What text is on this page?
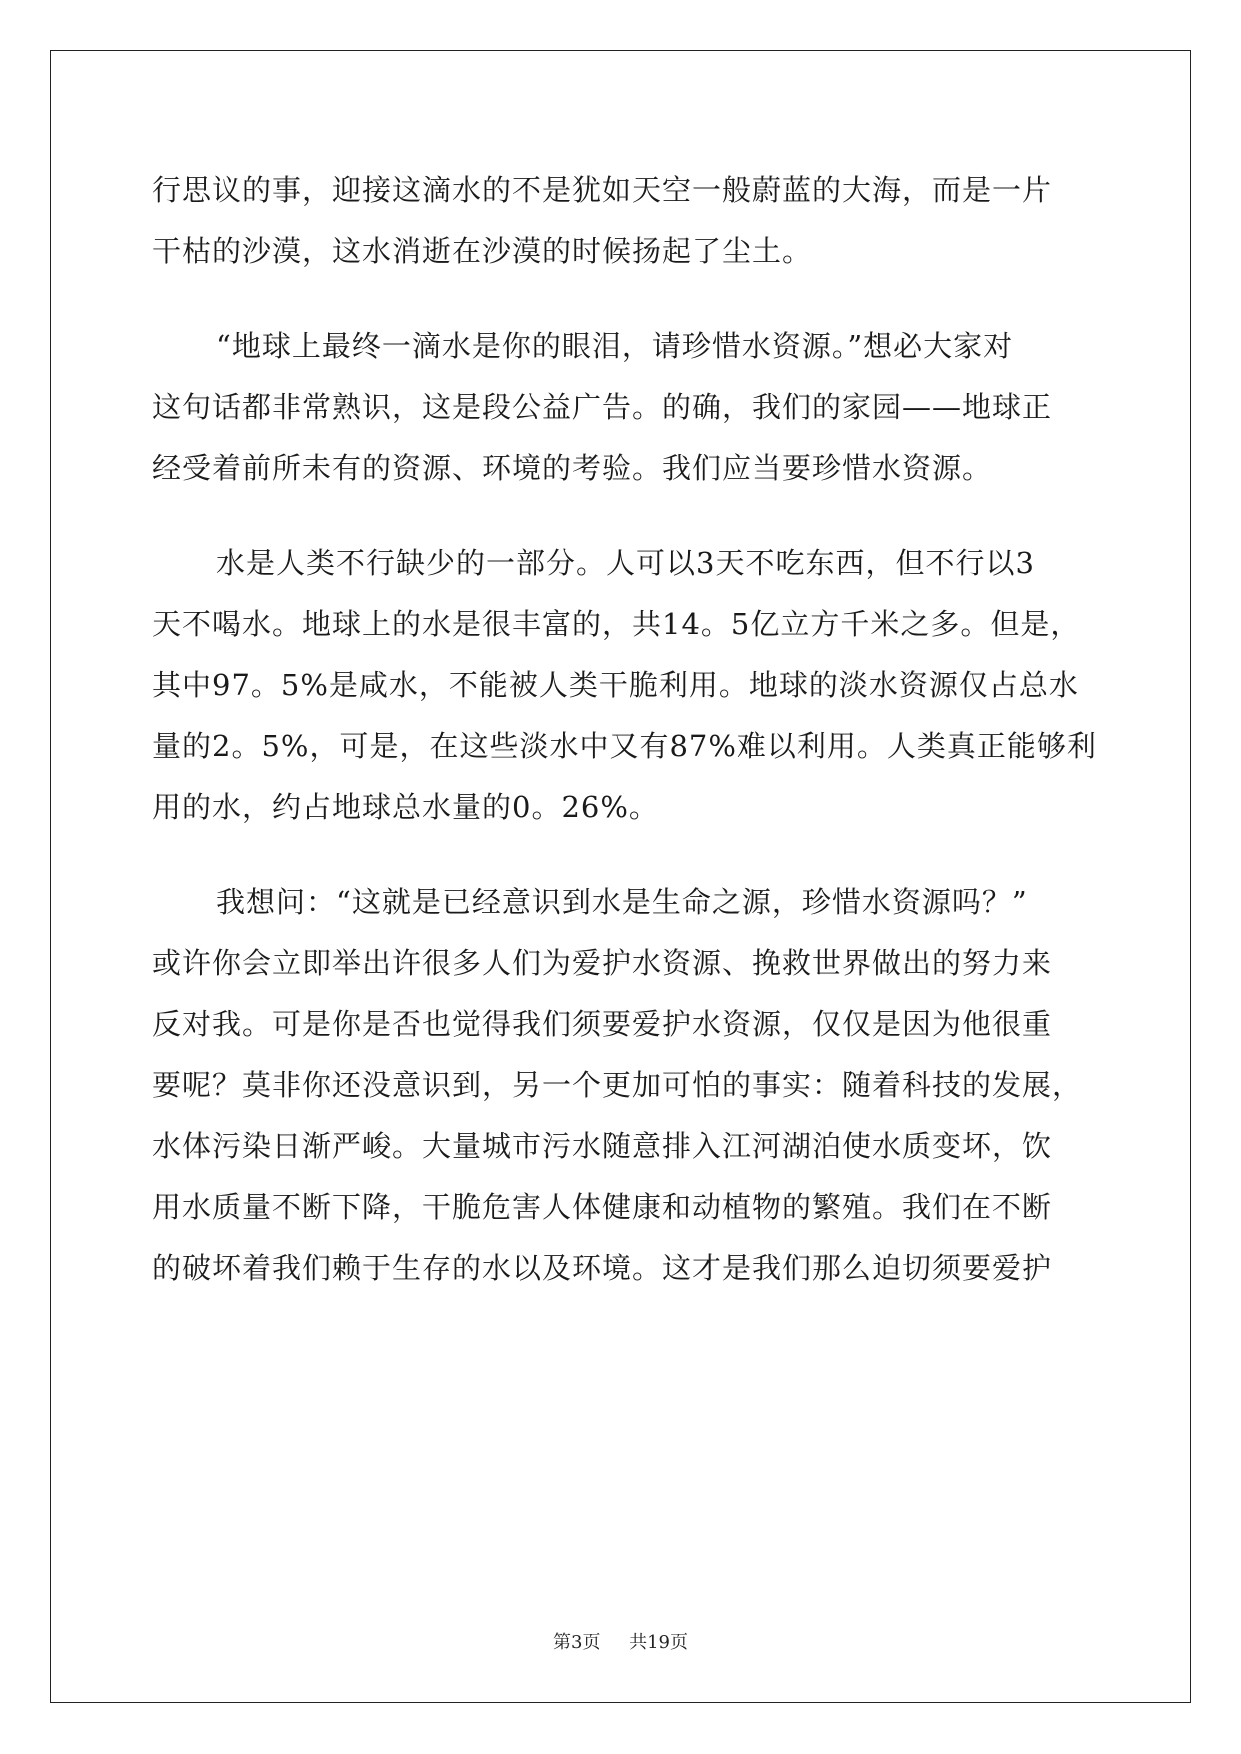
行思议的事，迎接这滴水的不是犹如天空一般蔚蓝的大海，而是一片
干枯的沙漠，这水消逝在沙漠的时候扬起了尘土。
“地球上最终一滴水是你的眼泪，请珍惜水资源。”想必大家对
这句话都非常熟识，这是段公益广告。的确，我们的家园——地球正
经受着前所未有的资源、环境的考验。我们应当要珍惜水资源。
水是人类不行缺少的一部分。人可以3天不吃东西，但不行以3
天不喝水。地球上的水是很丰富的，共14。5亿立方千米之多。但是，
其中97。5%是咸水，不能被人类干脆利用。地球的淡水资源仅占总水
量的2。5%，可是，在这些淡水中又有87%难以利用。人类真正能够利
用的水，约占地球总水量的0。26%。
我想问：“这就是已经意识到水是生命之源，珍惜水资源吗？”
或许你会立即举出许很多人们为爱护水资源、挽救世界做出的努力来
反对我。可是你是否也觉得我们须要爱护水资源，仅仅是因为他很重
要呢？莫非你还没意识到，另一个更加可怕的事实：随着科技的发展，
水体污染日渐严峻。大量城市污水随意排入江河湖泊使水质变坏，饮
用水质量不断下降，干脆危害人体健康和动植物的繁殖。我们在不断
的破坏着我们赖于生存的水以及环境。这才是我们那么迫切须要爱护
第3页 共19页
